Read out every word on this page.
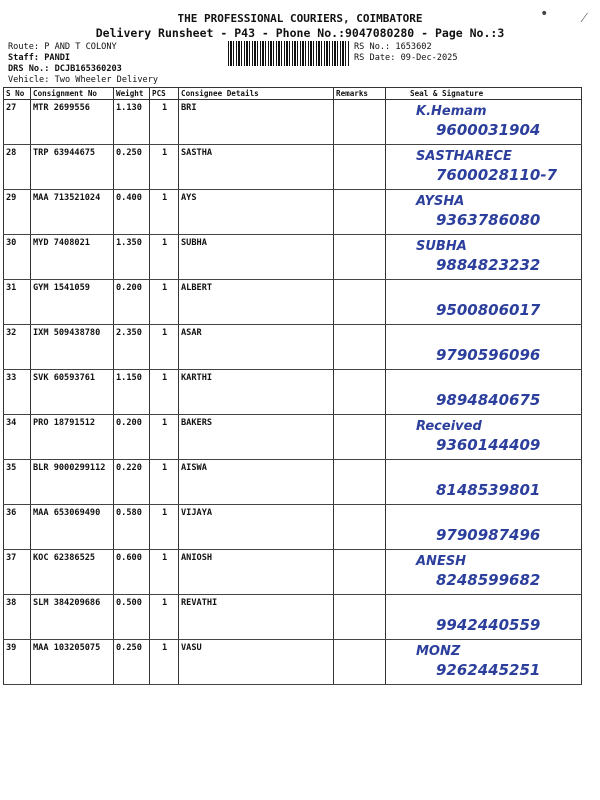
THE PROFESSIONAL COURIERS, COIMBATORE
Delivery Runsheet - P43 - Phone No.:9047080280 - Page No.:3
• ⁄
Route: P AND T COLONY
Staff: PANDI
DRS No.: DCJB16536020З
Vehicle: Two Wheeler Delivery
RS No.: 1653602
RS Date: 09-Dec-2025
S No	Consignment No	Weight	PCS	Consignee Details	Remarks	Seal & Signature
27	MTR 2699556	1.130	1	BRI		K.Hemam
9600031904

28	TRP 63944675	0.250	1	SASTHA		SASTHARECE
7600028110-7

29	MAA 713521024	0.400	1	AYS		AYSHA
9363786080

30	MYD 7408021	1.350	1	SUBHA		SUBHA
9884823232

31	GYM 1541059	0.200	1	ALBERT		9500806017

32	IXM 509438780	2.350	1	ASAR		9790596096

33	SVK 60593761	1.150	1	KARTHI		9894840675

34	PRO 18791512	0.200	1	BAKERS		Received
9360144409

35	BLR 9000299112	0.220	1	AISWA		8148539801

36	MAA 653069490	0.580	1	VIJAYA		9790987496

37	KOC 62386525	0.600	1	ANIOSH		ANESH
8248599682

38	SLM 384209686	0.500	1	REVATHI		9942440559

39	MAA 103205075	0.250	1	VASU		MONZ
9262445251
